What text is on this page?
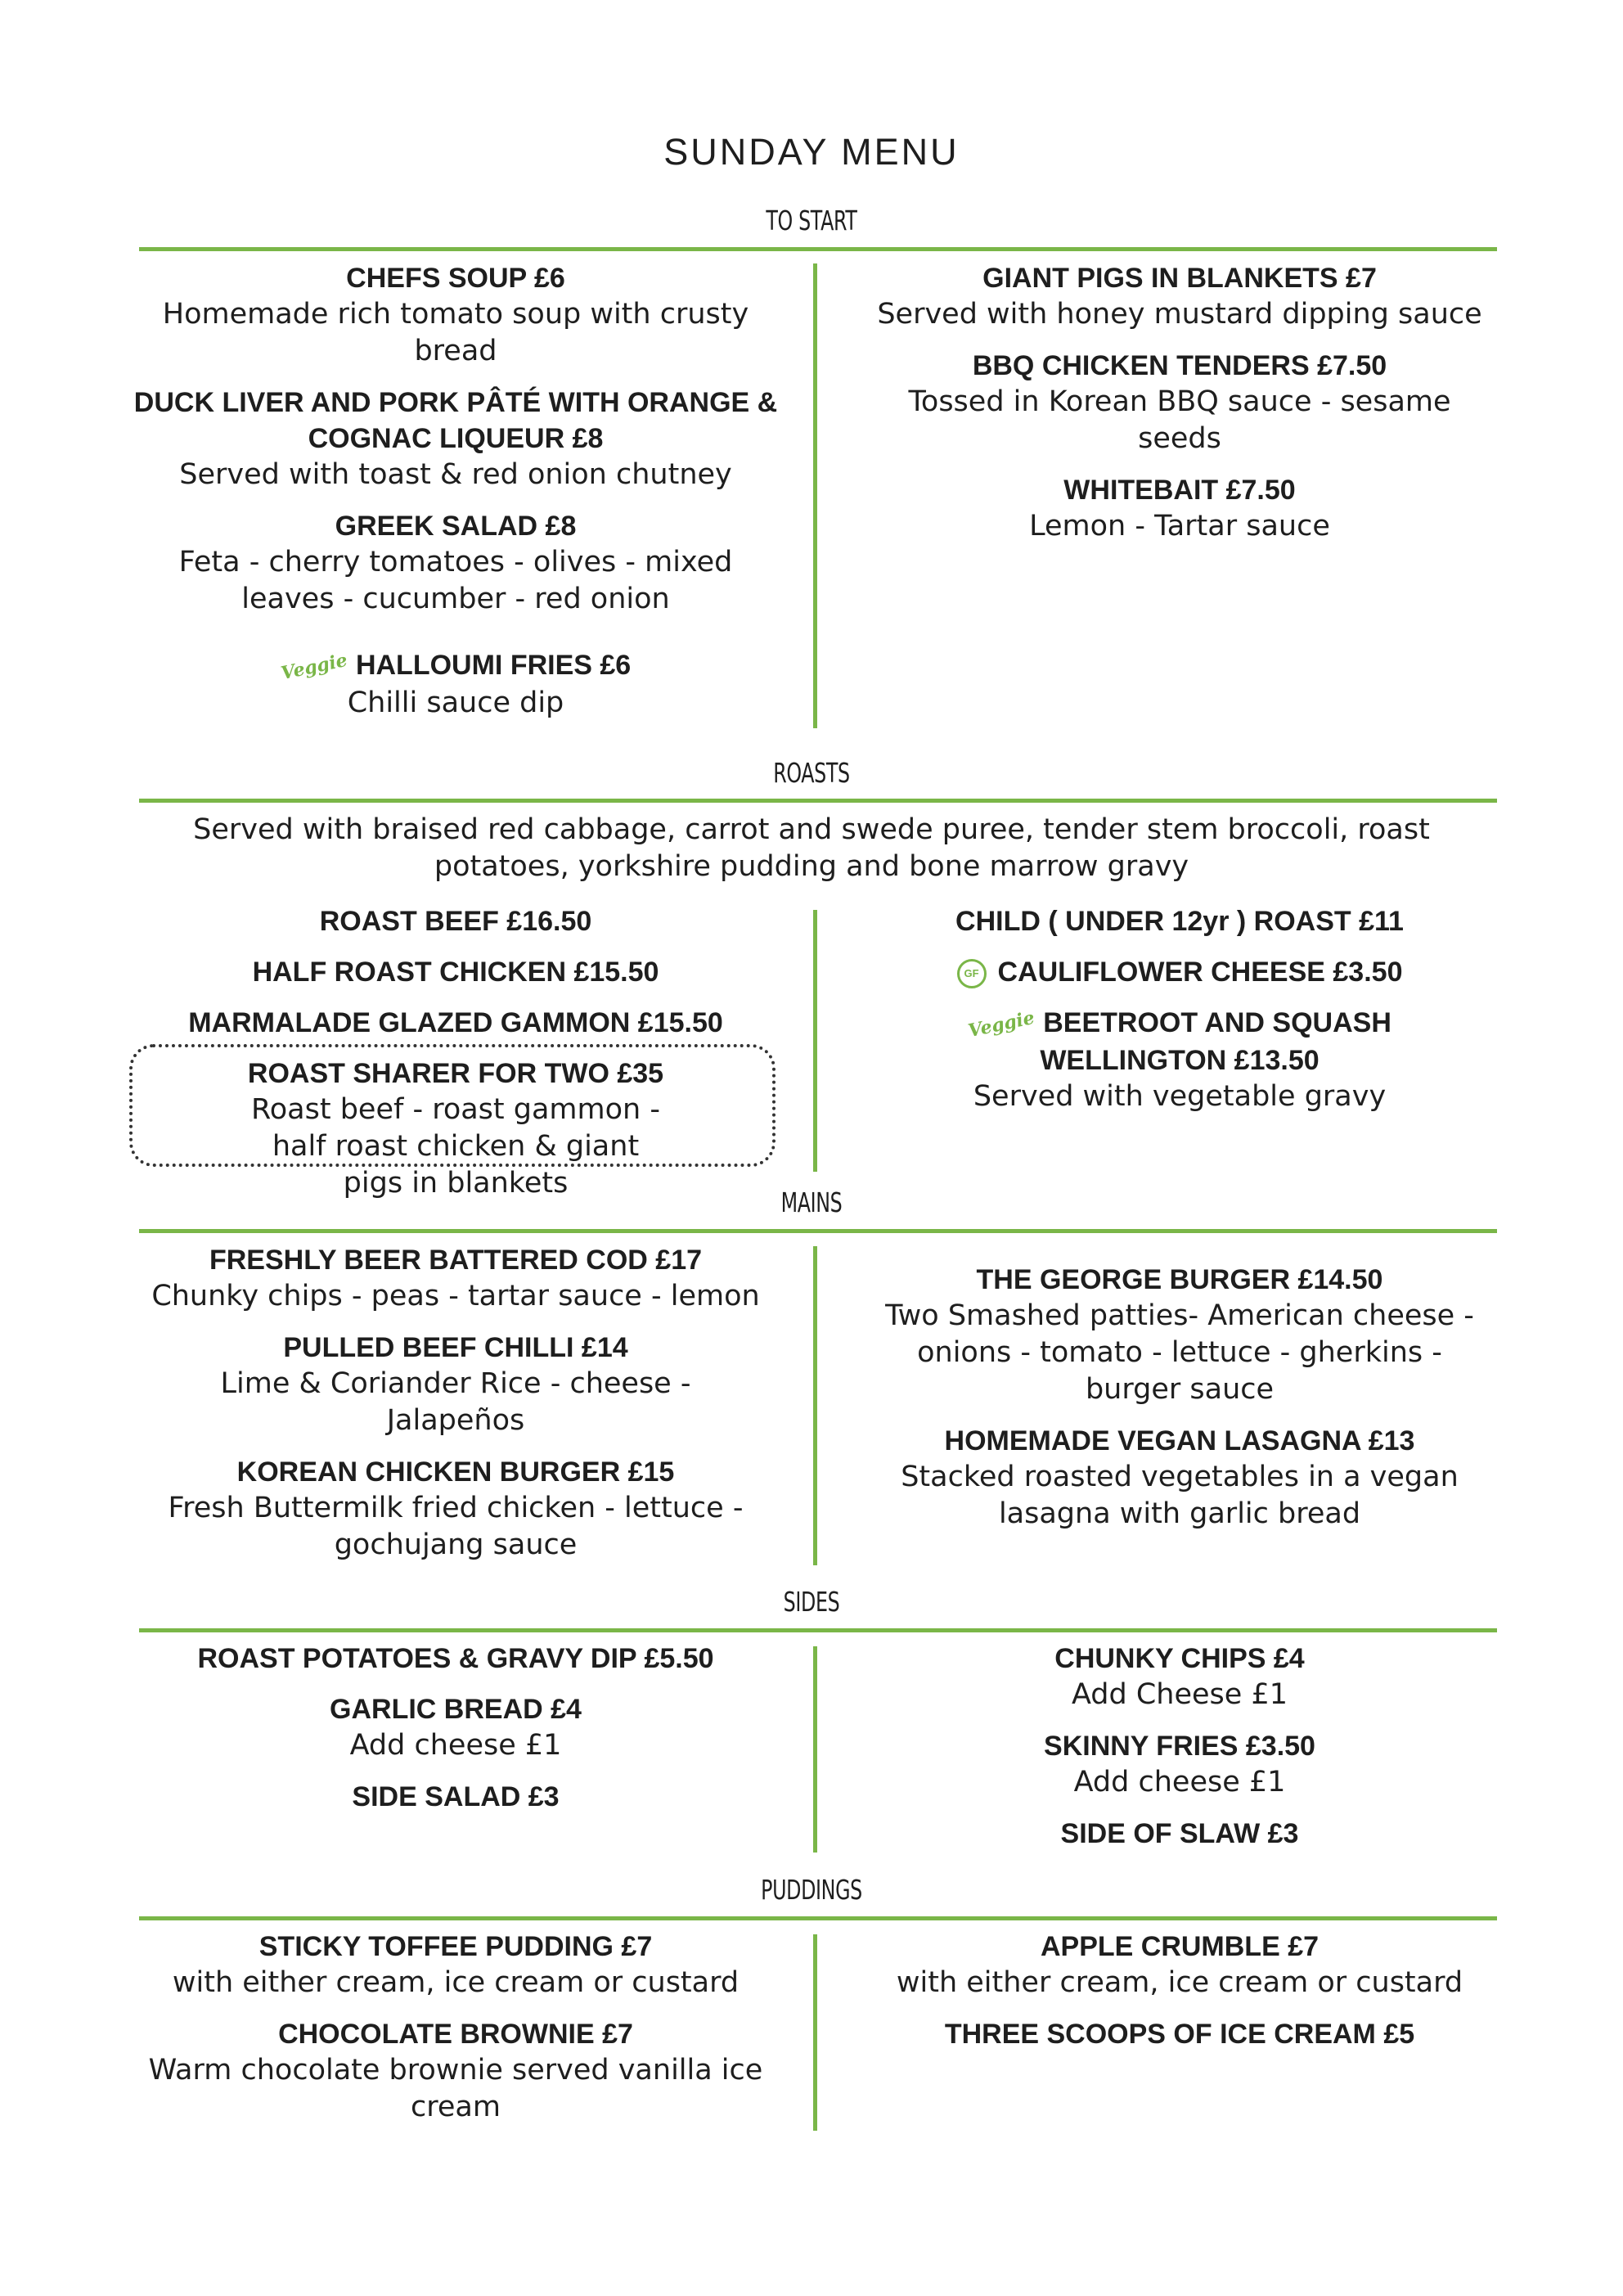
SUNDAY MENU
TO START
CHEFS SOUP £6
Homemade rich tomato soup with crusty bread
DUCK LIVER AND PORK PÂTÉ WITH ORANGE & COGNAC LIQUEUR £8
Served with toast & red onion chutney
GREEK SALAD £8
Feta - cherry tomatoes - olives - mixed leaves - cucumber - red onion
Veggie HALLOUMI FRIES £6
Chilli sauce dip
GIANT PIGS IN BLANKETS £7
Served with honey mustard dipping sauce
BBQ CHICKEN TENDERS £7.50
Tossed in Korean BBQ sauce - sesame seeds
WHITEBAIT £7.50
Lemon - Tartar sauce
ROASTS
Served with braised red cabbage, carrot and swede puree, tender stem broccoli, roast potatoes, yorkshire pudding and bone marrow gravy
ROAST BEEF £16.50
HALF ROAST CHICKEN £15.50
MARMALADE GLAZED GAMMON £15.50
ROAST SHARER FOR TWO £35
Roast beef - roast gammon - half roast chicken & giant pigs in blankets
CHILD ( UNDER 12yr ) ROAST £11
GF CAULIFLOWER CHEESE £3.50
Veggie BEETROOT AND SQUASH WELLINGTON £13.50
Served with vegetable gravy
MAINS
FRESHLY BEER BATTERED COD £17
Chunky chips - peas - tartar sauce - lemon
PULLED BEEF CHILLI £14
Lime & Coriander Rice - cheese - Jalapeños
KOREAN CHICKEN BURGER £15
Fresh Buttermilk fried chicken - lettuce - gochujang sauce
THE GEORGE BURGER £14.50
Two Smashed patties- American cheese - onions - tomato - lettuce - gherkins - burger sauce
HOMEMADE VEGAN LASAGNA £13
Stacked roasted vegetables in a vegan lasagna with garlic bread
SIDES
ROAST POTATOES & GRAVY DIP £5.50
GARLIC BREAD £4
Add cheese £1
SIDE SALAD £3
CHUNKY CHIPS £4
Add Cheese £1
SKINNY FRIES £3.50
Add cheese £1
SIDE OF SLAW £3
PUDDINGS
STICKY TOFFEE PUDDING £7
with either cream, ice cream or custard
CHOCOLATE BROWNIE £7
Warm chocolate brownie served vanilla ice cream
APPLE CRUMBLE £7
with either cream, ice cream or custard
THREE SCOOPS OF ICE CREAM £5
